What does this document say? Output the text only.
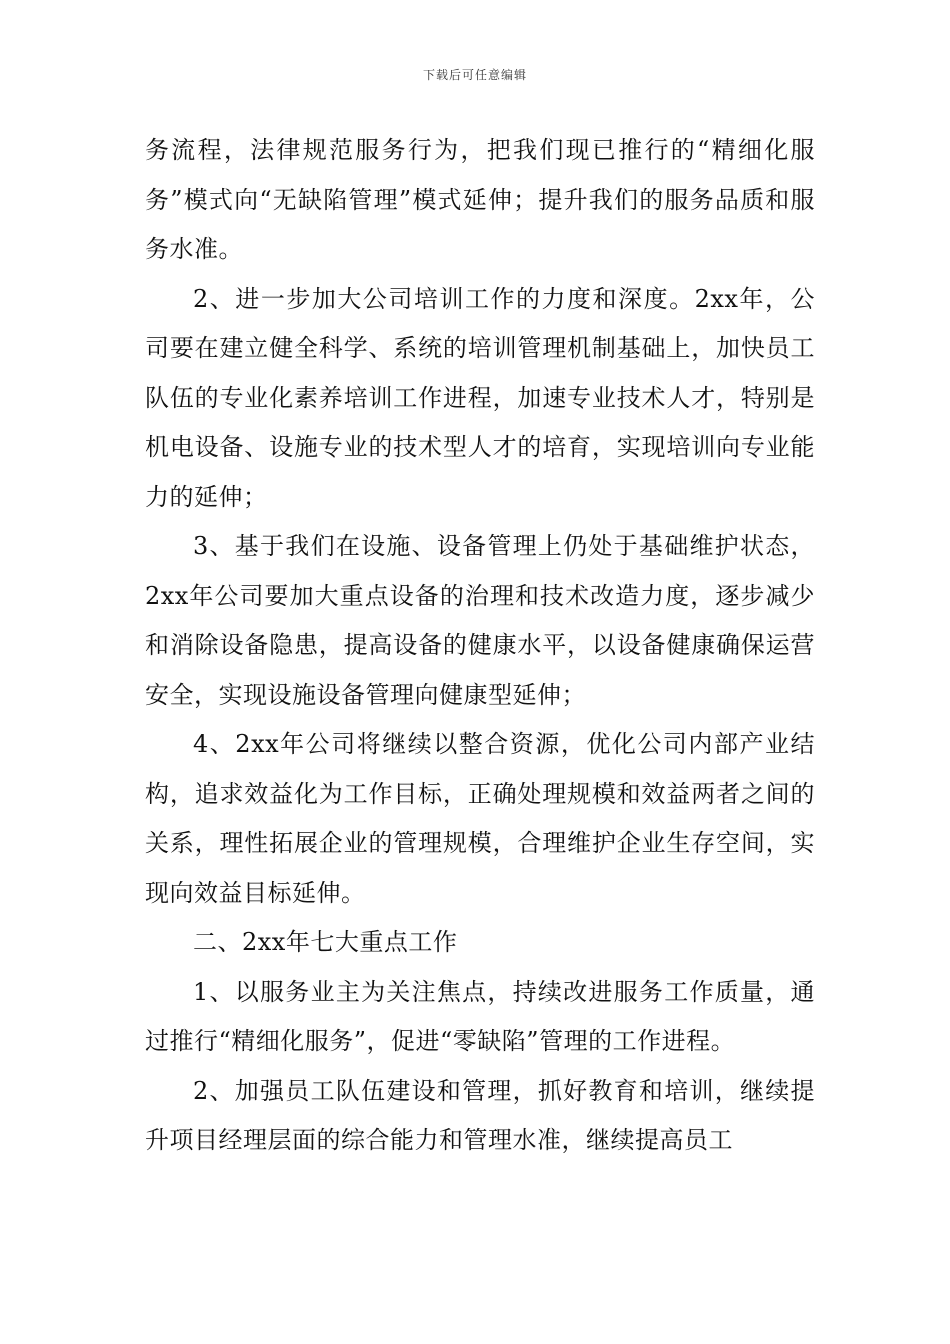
下载后可任意编辑

务流程，法律规范服务行为，把我们现已推行的“精细化服务”模式向“无缺陷管理”模式延伸；提升我们的服务品质和服务水准。

2、进一步加大公司培训工作的力度和深度。2xx年，公司要在建立健全科学、系统的培训管理机制基础上，加快员工队伍的专业化素养培训工作进程，加速专业技术人才，特别是机电设备、设施专业的技术型人才的培育，实现培训向专业能力的延伸；

3、基于我们在设施、设备管理上仍处于基础维护状态，2xx年公司要加大重点设备的治理和技术改造力度，逐步减少和消除设备隐患，提高设备的健康水平，以设备健康确保运营安全，实现设施设备管理向健康型延伸；

4、2xx年公司将继续以整合资源，优化公司内部产业结构，追求效益化为工作目标，正确处理规模和效益两者之间的关系，理性拓展企业的管理规模，合理维护企业生存空间，实现向效益目标延伸。

二、2xx年七大重点工作

1、以服务业主为关注焦点，持续改进服务工作质量，通过推行“精细化服务”，促进“零缺陷”管理的工作进程。

2、加强员工队伍建设和管理，抓好教育和培训，继续提升项目经理层面的综合能力和管理水准，继续提高员工
